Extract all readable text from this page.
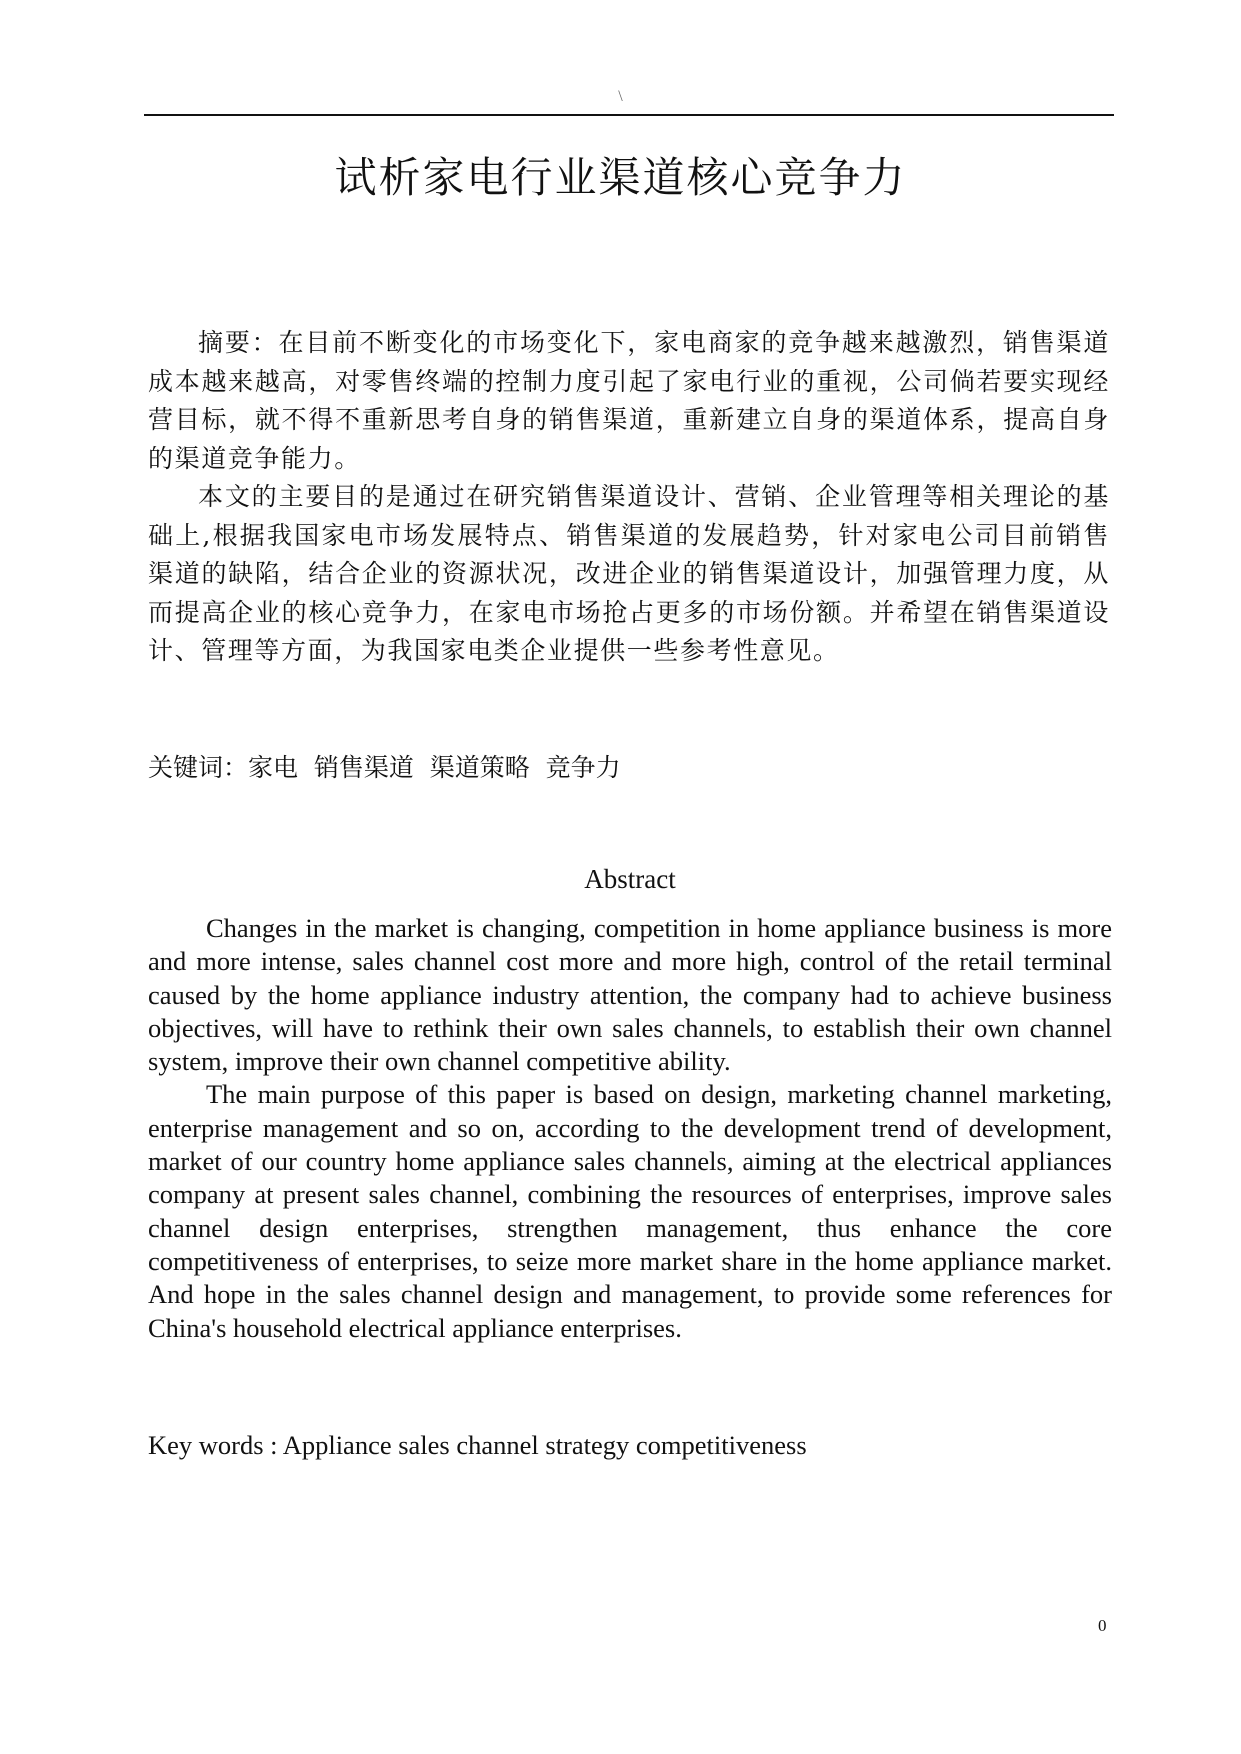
\
试析家电行业渠道核心竞争力

摘要：在目前不断变化的市场变化下，家电商家的竞争越来越激烈，销售渠道成本越来越高，对零售终端的控制力度引起了家电行业的重视，公司倘若要实现经营目标，就不得不重新思考自身的销售渠道，重新建立自身的渠道体系，提高自身的渠道竞争能力。

本文的主要目的是通过在研究销售渠道设计、营销、企业管理等相关理论的基础上,根据我国家电市场发展特点、销售渠道的发展趋势，针对家电公司目前销售渠道的缺陷，结合企业的资源状况，改进企业的销售渠道设计，加强管理力度，从而提高企业的核心竞争力，在家电市场抢占更多的市场份额。并希望在销售渠道设计、管理等方面，为我国家电类企业提供一些参考性意见。

关键词：家电  销售渠道  渠道策略  竞争力
Abstract

Changes in the market is changing, competition in home appliance business is more and more intense, sales channel cost more and more high, control of the retail terminal caused by the home appliance industry attention, the company had to achieve business objectives, will have to rethink their own sales channels, to establish their own channel system, improve their own channel competitive ability.

The main purpose of this paper is based on design, marketing channel marketing, enterprise management and so on, according to the development trend of development, market of our country home appliance sales channels, aiming at the electrical appliances company at present sales channel, combining the resources of enterprises, improve sales channel design enterprises, strengthen management, thus enhance the core competitiveness of enterprises, to seize more market share in the home appliance market. And hope in the sales channel design and management, to provide some references for China's household electrical appliance enterprises.

Key words : Appliance sales channel strategy competitiveness
0
